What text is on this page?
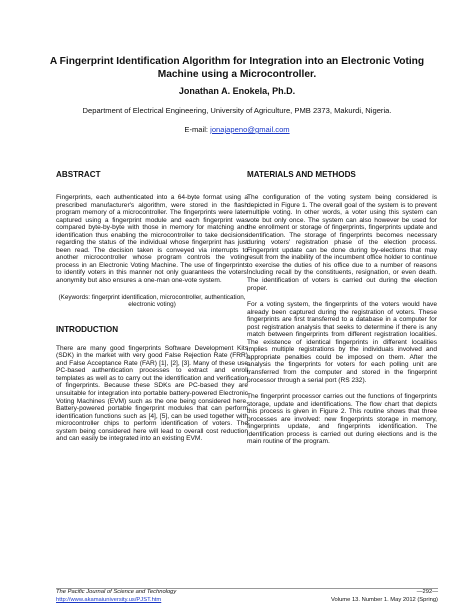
A Fingerprint Identification Algorithm for Integration into an Electronic Voting Machine using a Microcontroller.
Jonathan A. Enokela, Ph.D.
Department of Electrical Engineering, University of Agriculture, PMB 2373, Makurdi, Nigeria.
E-mail: jonajapeno@gmail.com
ABSTRACT

Fingerprints, each authenticated into a 64-byte format using a prescribed manufacturer's algorithm, were stored in the flash program memory of a microcontroller. The fingerprints were later captured using a fingerprint module and each fingerprint was compared byte-by-byte with those in memory for matching and identification thus enabling the microcontroller to take decisions regarding the status of the individual whose fingerprint has just been read. The decision taken is conveyed via interrupts to another microcontroller whose program controls the voting process in an Electronic Voting Machine. The use of fingerprints to identify voters in this manner not only guarantees the voters' anonymity but also ensures a one-man one-vote system.

(Keywords: fingerprint identification, microcontroller, authentication, electronic voting)

INTRODUCTION

There are many good fingerprints Software Development Kits (SDK) in the market with very good False Rejection Rate (FRR) and False Acceptance Rate (FAR) [1], [2], [3]. Many of these use PC-based authentication processes to extract and enroll templates as well as to carry out the identification and verification of fingerprints. Because these SDKs are PC-based they are unsuitable for integration into portable battery-powered Electronic Voting Machines (EVM) such as the one being considered here. Battery-powered portable fingerprint modules that can perform identification functions such as [4], [5], can be used together with microcontroller chips to perform identification of voters. The system being considered here will lead to overall cost reduction and can easily be integrated into an existing EVM.

MATERIALS AND METHODS

The configuration of the voting system being considered is depicted in Figure 1. The overall goal of the system is to prevent multiple voting. In other words, a voter using this system can vote but only once. The system can also however be used for the enrollment or storage of fingerprints, fingerprints update and identification. The storage of fingerprints becomes necessary during voters' registration phase of the election process. Fingerprint update can be done during by-elections that may result from the inability of the incumbent office holder to continue to exercise the duties of his office due to a number of reasons including recall by the constituents, resignation, or even death. The identification of voters is carried out during the election proper.

For a voting system, the fingerprints of the voters would have already been captured during the registration of voters. These fingerprints are first transferred to a database in a computer for post registration analysis that seeks to determine if there is any match between fingerprints from different registration localities. The existence of identical fingerprints in different localities implies multiple registrations by the individuals involved and appropriate penalties could be imposed on them. After the analysis the fingerprints for voters for each polling unit are transferred from the computer and stored in the fingerprint processor through a serial port (RS 232).

The fingerprint processor carries out the functions of fingerprints storage, update and identifications. The flow chart that depicts this process is given in Figure 2. This routine shows that three processes are involved: new fingerprints storage in memory, fingerprints update, and fingerprints identification. The identification process is carried out during elections and is the main routine of the program.

The Pacific Journal of Science and Technology
http://www.akamaiuniversity.us/PJST.htm
—292—
Volume 13. Number 1. May 2012 (Spring)
